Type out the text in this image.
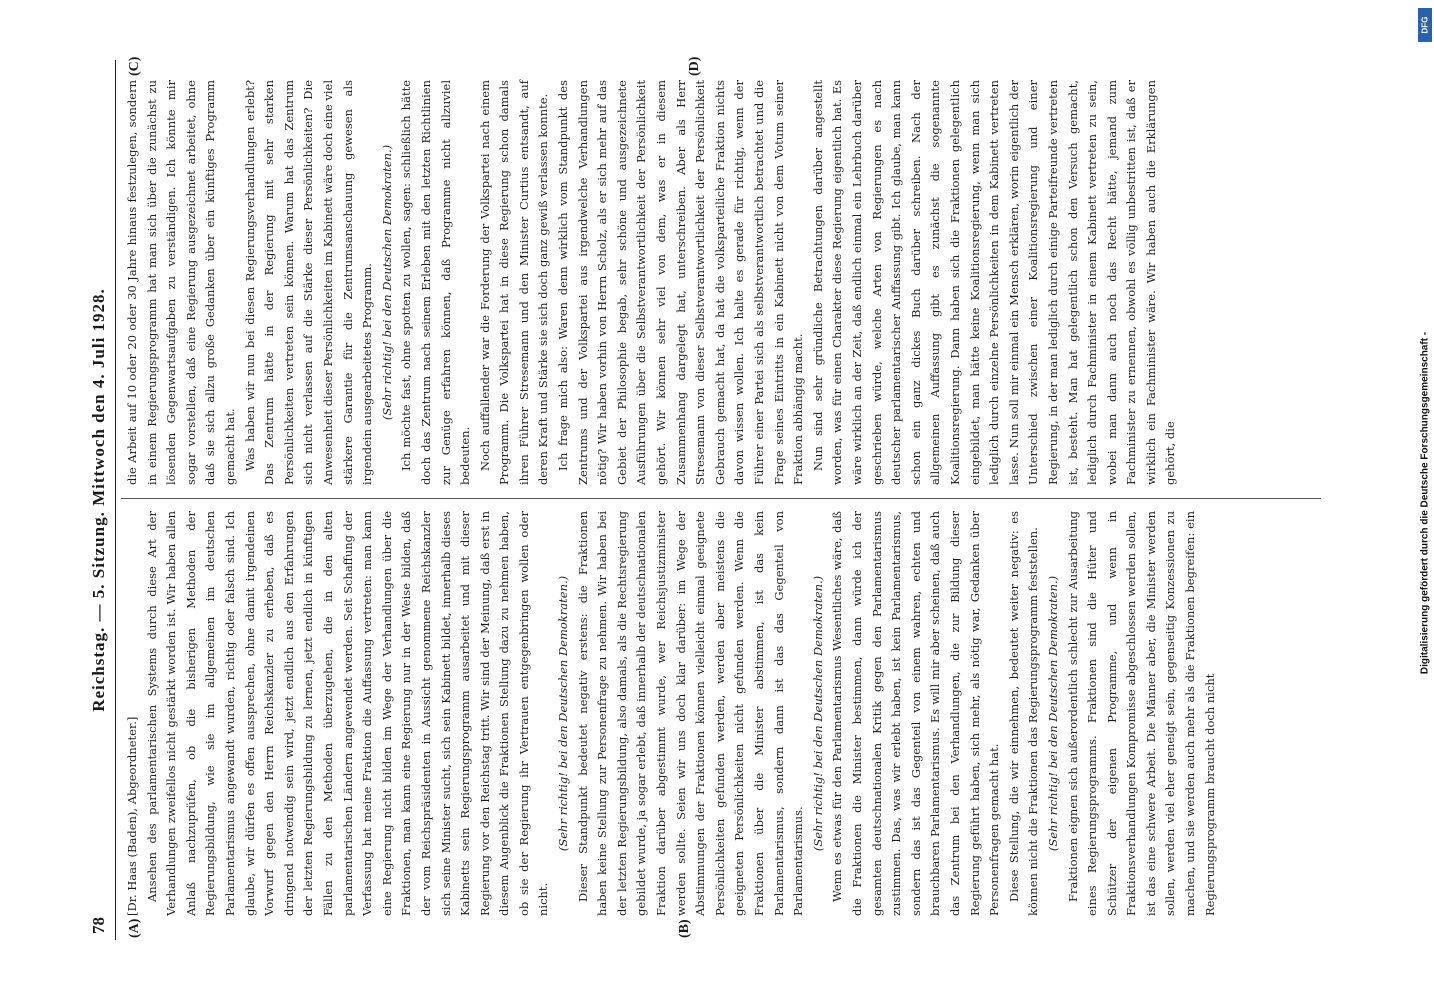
78
Reichstag. — 5. Sitzung. Mittwoch den 4. Juli 1928.
(A)	(B)
(C)	(D)

[Dr. Haas (Baden), Abgeordneter.] Ansehen des parlamentarischen Systems durch diese Art der Verhandlungen zweifellos nicht gestärkt worden ist. Wir haben allen Anlaß nachzuprüfen, ob die bisherigen Methoden der Regierungsbildung, wie sie im allgemeinen im deutschen Parlamentarismus angewandt wurden, richtig oder falsch sind. Ich glaube, wir dürfen es offen aussprechen, ohne damit irgendeinen Vorwurf gegen den Herrn Reichskanzler zu erheben, daß es dringend notwendig sein wird, jetzt endlich aus den Erfahrungen der letzten Regierungsbildung zu lernen, jetzt endlich in künftigen Fällen zu den Methoden überzugehen, die in den alten parlamentarischen Ländern angewendet werden. Seit Schaffung der Verfassung hat meine Fraktion die Auffassung vertreten: man kann eine Regierung nicht bilden im Wege der Verhandlungen über die Fraktionen, man kann eine Regierung nur in der Weise bilden, daß der vom Reichspräsidenten in Aussicht genommene Reichskanzler sich seine Minister sucht, sich sein Kabinett bildet, innerhalb dieses Kabinetts sein Regierungsprogramm ausarbeitet und mit dieser Regierung vor den Reichstag tritt. Wir sind der Meinung, daß erst in diesem Augenblick die Fraktionen Stellung dazu zu nehmen haben, ob sie der Regierung ihr Vertrauen entgegenbringen wollen oder nicht.

(Sehr richtig! bei den Deutschen Demokraten.) Dieser Standpunkt bedeutet negativ erstens: die Fraktionen haben keine Stellung zur Personenfrage zu nehmen. Wir haben bei der letzten Regierungsbildung, also damals, als die Rechtsregierung gebildet wurde, ja sogar erlebt, daß innerhalb der deutschnationalen Fraktion darüber abgestimmt wurde, wer Reichsjustizminister werden sollte. Seien wir uns doch klar darüber: im Wege der Abstimmungen der Fraktionen können vielleicht einmal geeignete Persönlichkeiten gefunden werden, werden aber meistens die geeigneten Persönlichkeiten nicht gefunden werden. Wenn die Fraktionen über die Minister abstimmen, ist das kein Parlamentarismus, sondern dann ist das das Gegenteil von Parlamentarismus.

(Sehr richtig! bei den Deutschen Demokraten.) Wenn es etwas für den Parlamentarismus Wesentliches wäre, daß die Fraktionen die Minister bestimmen, dann würde ich der gesamten deutschnationalen Kritik gegen den Parlamentarismus zustimmen. Das, was wir erlebt haben, ist kein Parlamentarismus, sondern das ist das Gegenteil von einem wahren, echten und brauchbaren Parlamentarismus. Es will mir aber scheinen, daß auch das Zentrum bei den Verhandlungen, die zur Bildung dieser Regierung geführt haben, sich mehr, als nötig war, Gedanken über Personenfragen gemacht hat. Diese Stellung, die wir einnehmen, bedeutet weiter negativ: es können nicht die Fraktionen das Regierungsprogramm feststellen. (Sehr richtig! bei den Deutschen Demokraten.) Fraktionen eignen sich außerordentlich schlecht zur Ausarbeitung eines Regierungsprogramms. Fraktionen sind die Hüter und Schützer der eigenen Programme, und wenn in Fraktionsverhandlungen Kompromisse abgeschlossen werden sollen, ist das eine schwere Arbeit. Die Männer aber, die Minister werden sollen, werden viel eher geneigt sein, gegenseitig Konzessionen zu machen, und sie werden auch mehr als die Fraktionen begreifen: ein Regierungsprogramm braucht doch nicht

die Arbeit auf 10 oder 20 oder 30 Jahre hinaus festzulegen, sondern in einem Regierungsprogramm hat man sich über die zunächst zu lösenden Gegenwartsaufgaben zu verständigen. Ich könnte mir sogar vorstellen, daß eine Regierung ausgezeichnet arbeitet, ohne daß sie sich allzu große Gedanken über ein künftiges Programm gemacht hat. Was haben wir nun bei diesen Regierungsverhandlungen erlebt? Das Zentrum hätte in der Regierung mit sehr starken Persönlichkeiten vertreten sein können. Warum hat das Zentrum sich nicht verlassen auf die Stärke dieser Persönlichkeiten? Die Anwesenheit dieser Persönlichkeiten im Kabinett wäre doch eine viel stärkere Garantie für die Zentrumsanschauung gewesen als irgendein ausgearbeitetes Programm. (Sehr richtig! bei den Deutschen Demokraten.) Ich möchte fast, ohne spotten zu wollen, sagen: schließlich hätte doch das Zentrum nach seinem Erleben mit den letzten Richtlinien zur Genüge erfahren können, daß Programme nicht allzuviel bedeuten. Noch auffallender war die Forderung der Volkspartei nach einem Programm. Die Volkspartei hat in diese Regierung schon damals ihren Führer Stresemann und den Minister Curtius entsandt, auf deren Kraft und Stärke sie sich doch ganz gewiß verlassen konnte. Ich frage mich also: Waren denn wirklich vom Standpunkt des Zentrums und der Volkspartei aus irgendwelche Verhandlungen nötig? Wir haben vorhin von Herrn Scholz, als er sich mehr auf das Gebiet der Philosophie begab, sehr schöne und ausgezeichnete Ausführungen über die Selbstverantwortlichkeit der Persönlichkeit gehört. Wir können sehr viel von dem, was er in diesem Zusammenhang dargelegt hat, unterschreiben. Aber als Herr Stresemann von dieser Selbstverantwortlichkeit der Persönlichkeit Gebrauch gemacht hat, da hat die volksparteiliche Fraktion nichts davon wissen wollen. Ich halte es gerade für richtig, wenn der Führer einer Partei sich als selbstverantwortlich betrachtet und die Frage seines Eintritts in ein Kabinett nicht von dem Votum seiner Fraktion abhängig macht. Nun sind sehr gründliche Betrachtungen darüber angestellt worden, was für einen Charakter diese Regierung eigentlich hat. Es wäre wirklich an der Zeit, daß endlich einmal ein Lehrbuch darüber geschrieben würde, welche Arten von Regierungen es nach deutscher parlamentarischer Auffassung gibt. Ich glaube, man kann schon ein ganz dickes Buch darüber schreiben. Nach der allgemeinen Auffassung gibt es zunächst die sogenannte Koalitionsregierung. Dann haben sich die Fraktionen gelegentlich eingebildet, man hätte keine Koalitionsregierung, wenn man sich lediglich durch einzelne Persönlichkeiten in dem Kabinett vertreten lasse. Nun soll mir einmal ein Mensch erklären, worin eigentlich der Unterschied zwischen einer Koalitionsregierung und einer Regierung, in der man lediglich durch einige Parteifreunde vertreten ist, besteht. Man hat gelegentlich schon den Versuch gemacht, lediglich durch Fachminister in einem Kabinett vertreten zu sein, wobei man dann auch noch das Recht hätte, jemand zum Fachminister zu ernennen, obwohl es völlig unbestritten ist, daß er wirklich ein Fachminister wäre. Wir haben auch die Erklärungen gehört, die

DFG
Digitalisierung gefördert durch die Deutsche Forschungsgemeinschaft -
